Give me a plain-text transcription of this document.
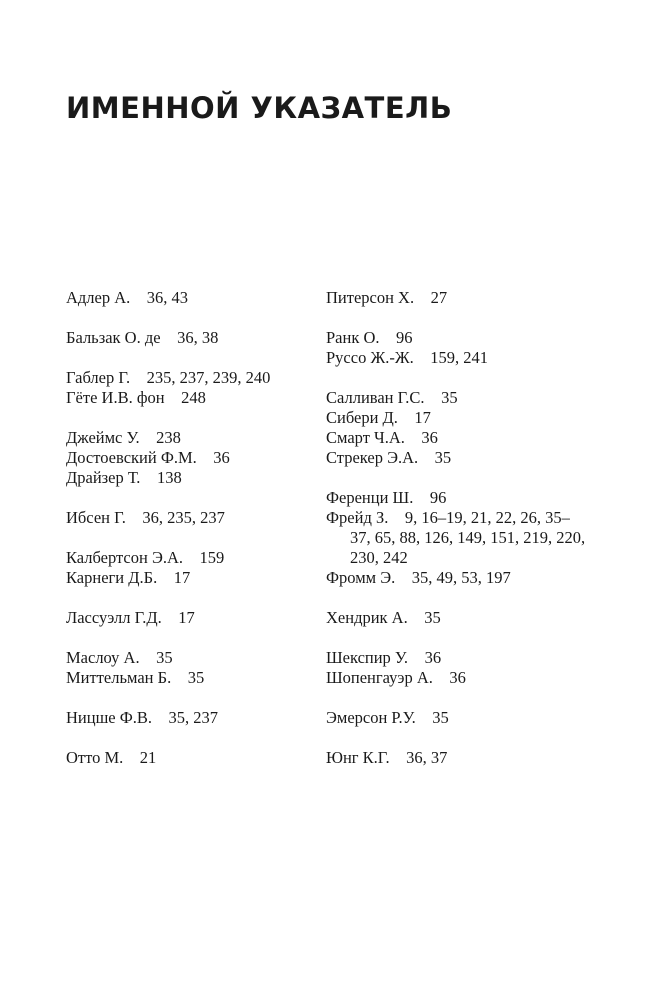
ИМЕННОЙ УКАЗАТЕЛЬ
Адлер А.  36, 43
Бальзак О. де  36, 38
Габлер Г.  235, 237, 239, 240
Гёте И.В. фон  248
Джеймс У.  238
Достоевский Ф.М.  36
Драйзер Т.  138
Ибсен Г.  36, 235, 237
Калбертсон Э.А.  159
Карнеги Д.Б.  17
Лассуэлл Г.Д.  17
Маслоу А.  35
Миттельман Б.  35
Ницше Ф.В.  35, 237
Отто М.  21
Питерсон Х.  27
Ранк О.  96
Руссо Ж.-Ж.  159, 241
Салливан Г.С.  35
Сибери Д.  17
Смарт Ч.А.  36
Стрекер Э.А.  35
Ференци Ш.  96
Фрейд З.  9, 16–19, 21, 22, 26, 35–37, 65, 88, 126, 149, 151, 219, 220, 230, 242
Фромм Э.  35, 49, 53, 197
Хендрик А.  35
Шекспир У.  36
Шопенгауэр А.  36
Эмерсон Р.У.  35
Юнг К.Г.  36, 37
